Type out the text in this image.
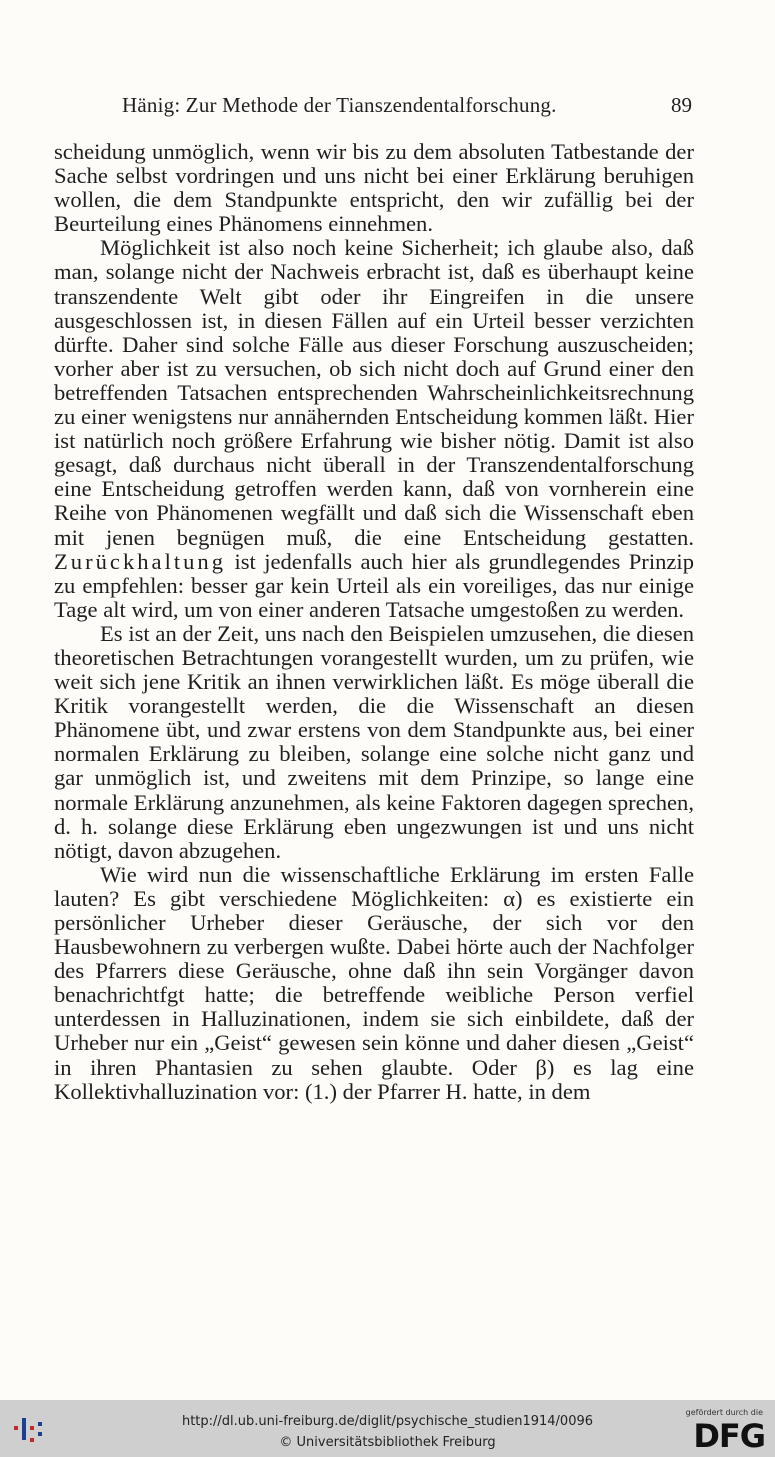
Hänig: Zur Methode der Tianszendentalforschung.	89

scheidung unmöglich, wenn wir bis zu dem absoluten Tatbestande der Sache selbst vordringen und uns nicht bei einer Erklärung beruhigen wollen, die dem Standpunkte entspricht, den wir zufällig bei der Beurteilung eines Phänomens einnehmen.

Möglichkeit ist also noch keine Sicherheit; ich glaube also, daß man, solange nicht der Nachweis erbracht ist, daß es überhaupt keine transzendente Welt gibt oder ihr Eingreifen in die unsere ausgeschlossen ist, in diesen Fällen auf ein Urteil besser verzichten dürfte. Daher sind solche Fälle aus dieser Forschung auszuscheiden; vorher aber ist zu versuchen, ob sich nicht doch auf Grund einer den betreffenden Tatsachen entsprechenden Wahrscheinlichkeitsrechnung zu einer wenigstens nur annähernden Entscheidung kommen läßt. Hier ist natürlich noch größere Erfahrung wie bisher nötig. Damit ist also gesagt, daß durchaus nicht überall in der Transzendentalforschung eine Entscheidung getroffen werden kann, daß von vornherein eine Reihe von Phänomenen wegfällt und daß sich die Wissenschaft eben mit jenen begnügen muß, die eine Entscheidung gestatten. Zurückhaltung ist jedenfalls auch hier als grundlegendes Prinzip zu empfehlen: besser gar kein Urteil als ein voreiliges, das nur einige Tage alt wird, um von einer anderen Tatsache umgestoßen zu werden.

Es ist an der Zeit, uns nach den Beispielen umzusehen, die diesen theoretischen Betrachtungen vorangestellt wurden, um zu prüfen, wie weit sich jene Kritik an ihnen verwirklichen läßt. Es möge überall die Kritik vorangestellt werden, die die Wissenschaft an diesen Phänomene übt, und zwar erstens von dem Standpunkte aus, bei einer normalen Erklärung zu bleiben, solange eine solche nicht ganz und gar unmöglich ist, und zweitens mit dem Prinzipe, so lange eine normale Erklärung anzunehmen, als keine Faktoren dagegen sprechen, d. h. solange diese Erklärung eben ungezwungen ist und uns nicht nötigt, davon abzugehen.

Wie wird nun die wissenschaftliche Erklärung im ersten Falle lauten? Es gibt verschiedene Möglichkeiten: α) es existierte ein persönlicher Urheber dieser Geräusche, der sich vor den Hausbewohnern zu verbergen wußte. Dabei hörte auch der Nachfolger des Pfarrers diese Geräusche, ohne daß ihn sein Vorgänger davon benachrichtfgt hatte; die betreffende weibliche Person verfiel unterdessen in Halluzinationen, indem sie sich einbildete, daß der Urheber nur ein „Geist“ gewesen sein könne und daher diesen „Geist“ in ihren Phantasien zu sehen glaubte. Oder β) es lag eine Kollektivhalluzination vor: (1.) der Pfarrer H. hatte, in dem

http://dl.ub.uni-freiburg.de/diglit/psychische_studien1914/0096
© Universitätsbibliothek Freiburg
gefördert durch die
DFG
